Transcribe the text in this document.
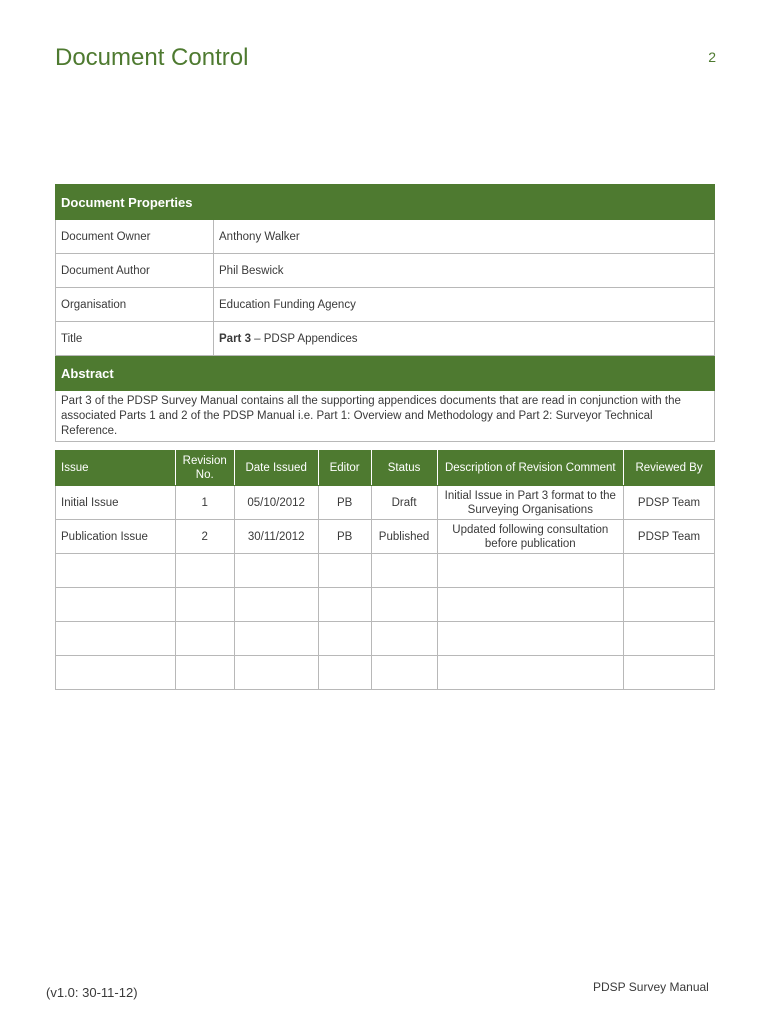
Document Control	2
Document Properties	
Document Owner	Anthony Walker
Document Author	Phil Beswick
Organisation	Education Funding Agency
Title	Part 3 – PDSP Appendices
Abstract	
Part 3 of the PDSP Survey Manual contains all the supporting appendices documents that are read in conjunction with the associated Parts 1 and 2 of the PDSP Manual i.e. Part 1: Overview and Methodology and Part 2: Surveyor Technical Reference.	
Issue	Revision No.	Date Issued	Editor	Status	Description of Revision Comment	Reviewed By
Initial Issue	1	05/10/2012	PB	Draft	Initial Issue in Part 3 format to the Surveying Organisations	PDSP Team
Publication Issue	2	30/11/2012	PB	Published	Updated following consultation before publication	PDSP Team

(v1.0: 30-11-12)	PDSP Survey Manual
